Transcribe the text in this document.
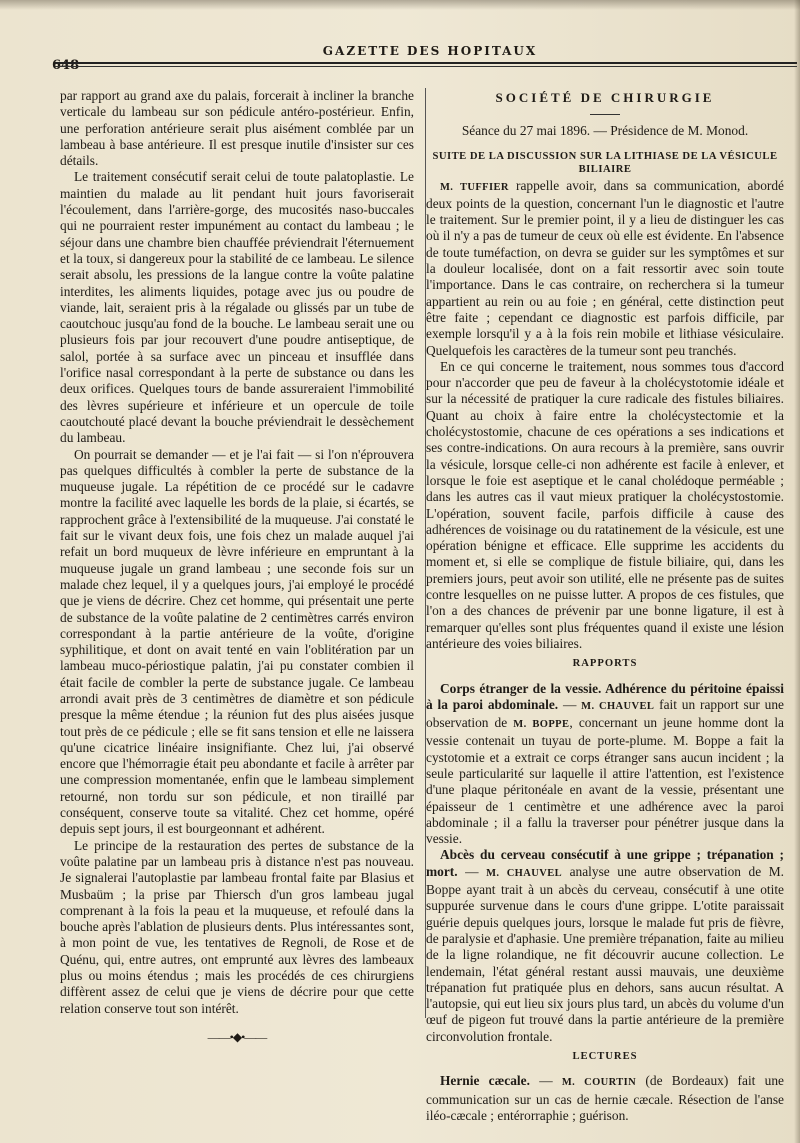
648
GAZETTE DES HOPITAUX

par rapport au grand axe du palais, forcerait à incliner la branche verticale du lambeau sur son pédicule antéro-postérieur. Enfin, une perforation antérieure serait plus aisément comblée par un lambeau à base antérieure. Il est presque inutile d'insister sur ces détails.

Le traitement consécutif serait celui de toute palatoplastie. Le maintien du malade au lit pendant huit jours favoriserait l'écoulement, dans l'arrière-gorge, des mucosités naso-buccales qui ne pourraient rester impunément au contact du lambeau ; le séjour dans une chambre bien chauffée préviendrait l'éternuement et la toux, si dangereux pour la stabilité de ce lambeau. Le silence serait absolu, les pressions de la langue contre la voûte palatine interdites, les aliments liquides, potage avec jus ou poudre de viande, lait, seraient pris à la régalade ou glissés par un tube de caoutchouc jusqu'au fond de la bouche. Le lambeau serait une ou plusieurs fois par jour recouvert d'une poudre antiseptique, de salol, portée à sa surface avec un pinceau et insufflée dans l'orifice nasal correspondant à la perte de substance ou dans les deux orifices. Quelques tours de bande assureraient l'immobilité des lèvres supérieure et inférieure et un opercule de toile caoutchouté placé devant la bouche préviendrait le dessèchement du lambeau.

On pourrait se demander — et je l'ai fait — si l'on n'éprouvera pas quelques difficultés à combler la perte de substance de la muqueuse jugale. La répétition de ce procédé sur le cadavre montre la facilité avec laquelle les bords de la plaie, si écartés, se rapprochent grâce à l'extensibilité de la muqueuse. J'ai constaté le fait sur le vivant deux fois, une fois chez un malade auquel j'ai refait un bord muqueux de lèvre inférieure en empruntant à la muqueuse jugale un grand lambeau ; une seconde fois sur un malade chez lequel, il y a quelques jours, j'ai employé le procédé que je viens de décrire. Chez cet homme, qui présentait une perte de substance de la voûte palatine de 2 centimètres carrés environ correspondant à la partie antérieure de la voûte, d'origine syphilitique, et dont on avait tenté en vain l'oblitération par un lambeau muco-périostique palatin, j'ai pu constater combien il était facile de combler la perte de substance jugale. Ce lambeau arrondi avait près de 3 centimètres de diamètre et son pédicule presque la même étendue ; la réunion fut des plus aisées jusque tout près de ce pédicule ; elle se fit sans tension et elle ne laissera qu'une cicatrice linéaire insignifiante. Chez lui, j'ai observé encore que l'hémorragie était peu abondante et facile à arrêter par une compression momentanée, enfin que le lambeau simplement retourné, non tordu sur son pédicule, et non tiraillé par conséquent, conserve toute sa vitalité. Chez cet homme, opéré depuis sept jours, il est bourgeonnant et adhérent.

Le principe de la restauration des pertes de substance de la voûte palatine par un lambeau pris à distance n'est pas nouveau. Je signalerai l'autoplastie par lambeau frontal faite par Blasius et Musbaüm ; la prise par Thiersch d'un gros lambeau jugal comprenant à la fois la peau et la muqueuse, et refoulé dans la bouche après l'ablation de plusieurs dents. Plus intéressantes sont, à mon point de vue, les tentatives de Regnoli, de Rose et de Quénu, qui, entre autres, ont emprunté aux lèvres des lambeaux plus ou moins étendus ; mais les procédés de ces chirurgiens diffèrent assez de celui que je viens de décrire pour que cette relation conserve tout son intérêt.

——•◆•——
SOCIÉTÉ DE CHIRURGIE
Séance du 27 mai 1896. — Présidence de M. Monod.
SUITE DE LA DISCUSSION SUR LA LITHIASE DE LA VÉSICULE BILIAIRE

M. TUFFIER rappelle avoir, dans sa communication, abordé deux points de la question, concernant l'un le diagnostic et l'autre le traitement. Sur le premier point, il y a lieu de distinguer les cas où il n'y a pas de tumeur de ceux où elle est évidente. En l'absence de toute tuméfaction, on devra se guider sur les symptômes et sur la douleur localisée, dont on a fait ressortir avec soin toute l'importance. Dans le cas contraire, on recherchera si la tumeur appartient au rein ou au foie ; en général, cette distinction peut être faite ; cependant ce diagnostic est parfois difficile, par exemple lorsqu'il y a à la fois rein mobile et lithiase vésiculaire. Quelquefois les caractères de la tumeur sont peu tranchés.

En ce qui concerne le traitement, nous sommes tous d'accord pour n'accorder que peu de faveur à la cholécystotomie idéale et sur la nécessité de pratiquer la cure radicale des fistules biliaires. Quant au choix à faire entre la cholécystectomie et la cholécystostomie, chacune de ces opérations a ses indications et ses contre-indications. On aura recours à la première, sans ouvrir la vésicule, lorsque celle-ci non adhérente est facile à enlever, et lorsque le foie est aseptique et le canal cholédoque perméable ; dans les autres cas il vaut mieux pratiquer la cholécystostomie. L'opération, souvent facile, parfois difficile à cause des adhérences de voisinage ou du ratatinement de la vésicule, est une opération bénigne et efficace. Elle supprime les accidents du moment et, si elle se complique de fistule biliaire, qui, dans les premiers jours, peut avoir son utilité, elle ne présente pas de suites contre lesquelles on ne puisse lutter. A propos de ces fistules, que l'on a des chances de prévenir par une bonne ligature, il est à remarquer qu'elles sont plus fréquentes quand il existe une lésion antérieure des voies biliaires.

RAPPORTS

Corps étranger de la vessie. Adhérence du péritoine épaissi à la paroi abdominale. — M. CHAUVEL fait un rapport sur une observation de M. BOPPE, concernant un jeune homme dont la vessie contenait un tuyau de porte-plume. M. Boppe a fait la cystotomie et a extrait ce corps étranger sans aucun incident ; la seule particularité sur laquelle il attire l'attention, est l'existence d'une plaque péritonéale en avant de la vessie, présentant une épaisseur de 1 centimètre et une adhérence avec la paroi abdominale ; il a fallu la traverser pour pénétrer jusque dans la vessie.

Abcès du cerveau consécutif à une grippe ; trépanation ; mort. — M. CHAUVEL analyse une autre observation de M. Boppe ayant trait à un abcès du cerveau, consécutif à une otite suppurée survenue dans le cours d'une grippe. L'otite paraissait guérie depuis quelques jours, lorsque le malade fut pris de fièvre, de paralysie et d'aphasie. Une première trépanation, faite au milieu de la ligne rolandique, ne fit découvrir aucune collection. Le lendemain, l'état général restant aussi mauvais, une deuxième trépanation fut pratiquée plus en dehors, sans aucun résultat. A l'autopsie, qui eut lieu six jours plus tard, un abcès du volume d'un œuf de pigeon fut trouvé dans la partie antérieure de la première circonvolution frontale.

LECTURES

Hernie cæcale. — M. COURTIN (de Bordeaux) fait une communication sur un cas de hernie cæcale. Résection de l'anse iléo-cæcale ; entérorraphie ; guérison.
